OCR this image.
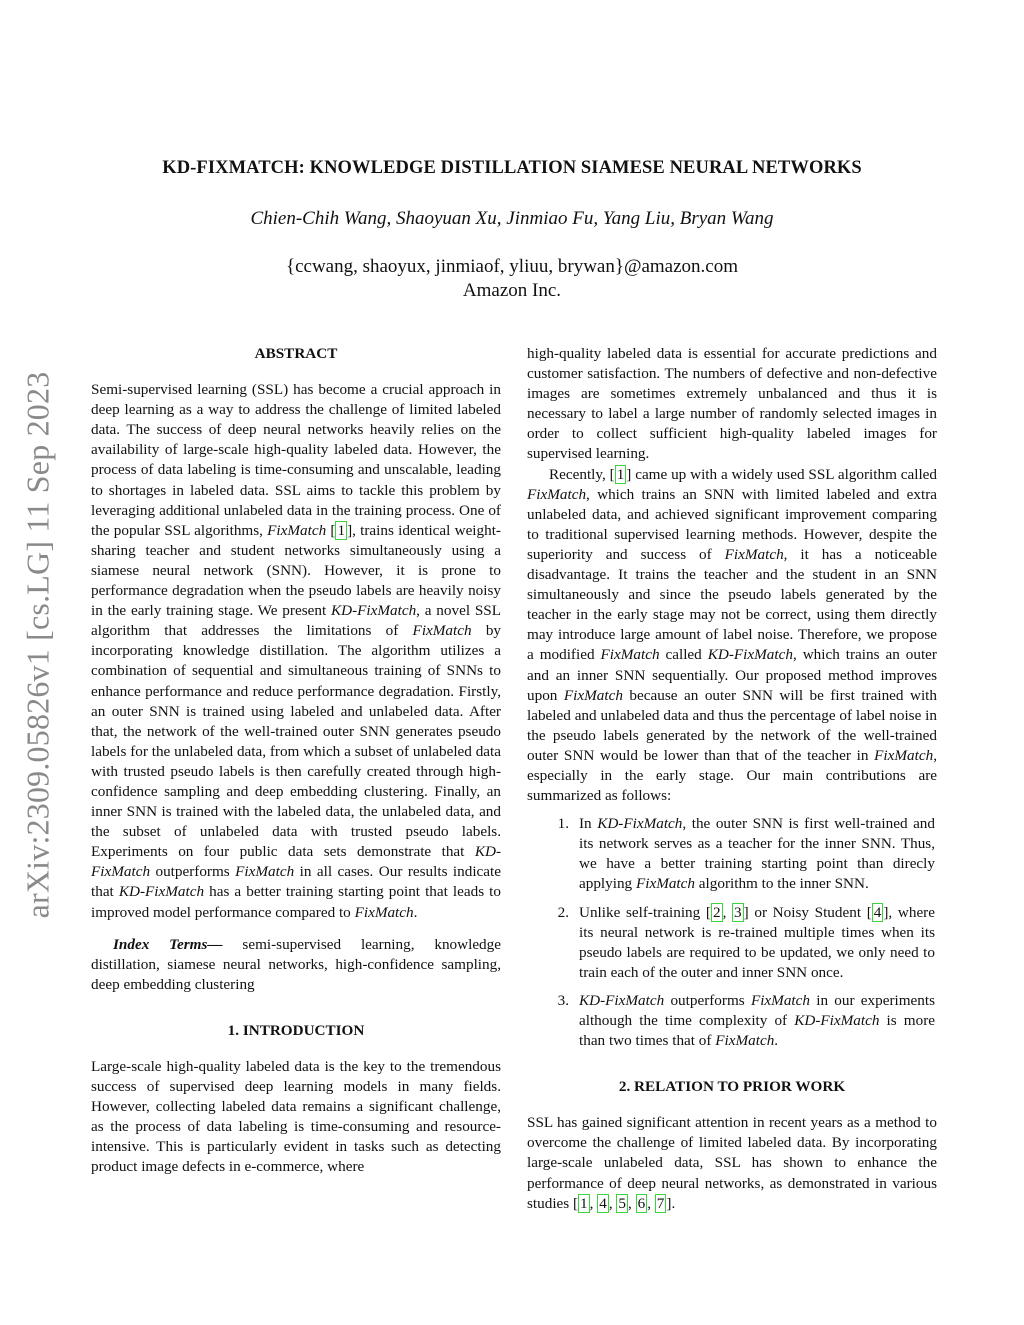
arXiv:2309.05826v1 [cs.LG] 11 Sep 2023
KD-FIXMATCH: KNOWLEDGE DISTILLATION SIAMESE NEURAL NETWORKS
Chien-Chih Wang, Shaoyuan Xu, Jinmiao Fu, Yang Liu, Bryan Wang
{ccwang, shaoyux, jinmiaof, yliuu, brywan}@amazon.com
Amazon Inc.
ABSTRACT

Semi-supervised learning (SSL) has become a crucial approach in deep learning as a way to address the challenge of limited labeled data. The success of deep neural networks heavily relies on the availability of large-scale high-quality labeled data. However, the process of data labeling is time-consuming and unscalable, leading to shortages in labeled data. SSL aims to tackle this problem by leveraging additional unlabeled data in the training process. One of the popular SSL algorithms, FixMatch [ 1 ], trains identical weight-sharing teacher and student networks simultaneously using a siamese neural network (SNN). However, it is prone to performance degradation when the pseudo labels are heavily noisy in the early training stage. We present KD-FixMatch, a novel SSL algorithm that addresses the limitations of FixMatch by incorporating knowledge distillation. The algorithm utilizes a combination of sequential and simultaneous training of SNNs to enhance performance and reduce performance degradation. Firstly, an outer SNN is trained using labeled and unlabeled data. After that, the network of the well-trained outer SNN generates pseudo labels for the unlabeled data, from which a subset of unlabeled data with trusted pseudo labels is then carefully created through high-confidence sampling and deep embedding clustering. Finally, an inner SNN is trained with the labeled data, the unlabeled data, and the subset of unlabeled data with trusted pseudo labels. Experiments on four public data sets demonstrate that KD-FixMatch outperforms FixMatch in all cases. Our results indicate that KD-FixMatch has a better training starting point that leads to improved model performance compared to FixMatch.

Index Terms— semi-supervised learning, knowledge distillation, siamese neural networks, high-confidence sampling, deep embedding clustering

1. INTRODUCTION

Large-scale high-quality labeled data is the key to the tremendous success of supervised deep learning models in many fields. However, collecting labeled data remains a significant challenge, as the process of data labeling is time-consuming and resource-intensive. This is particularly evident in tasks such as detecting product image defects in e-commerce, where

high-quality labeled data is essential for accurate predictions and customer satisfaction. The numbers of defective and non-defective images are sometimes extremely unbalanced and thus it is necessary to label a large number of randomly selected images in order to collect sufficient high-quality labeled images for supervised learning.

Recently, [ 1 ] came up with a widely used SSL algorithm called FixMatch, which trains an SNN with limited labeled and extra unlabeled data, and achieved significant improvement comparing to traditional supervised learning methods. However, despite the superiority and success of FixMatch, it has a noticeable disadvantage. It trains the teacher and the student in an SNN simultaneously and since the pseudo labels generated by the teacher in the early stage may not be correct, using them directly may introduce large amount of label noise. Therefore, we propose a modified FixMatch called KD-FixMatch, which trains an outer and an inner SNN sequentially. Our proposed method improves upon FixMatch because an outer SNN will be first trained with labeled and unlabeled data and thus the percentage of label noise in the pseudo labels generated by the network of the well-trained outer SNN would be lower than that of the teacher in FixMatch, especially in the early stage. Our main contributions are summarized as follows:

1. In KD-FixMatch, the outer SNN is first well-trained and its network serves as a teacher for the inner SNN. Thus, we have a better training starting point than direcly applying FixMatch algorithm to the inner SNN.
2. Unlike self-training [ 2 , 3 ] or Noisy Student [ 4 ], where its neural network is re-trained multiple times when its pseudo labels are required to be updated, we only need to train each of the outer and inner SNN once.
3. KD-FixMatch outperforms FixMatch in our experiments although the time complexity of KD-FixMatch is more than two times that of FixMatch.
2. RELATION TO PRIOR WORK

SSL has gained significant attention in recent years as a method to overcome the challenge of limited labeled data. By incorporating large-scale unlabeled data, SSL has shown to enhance the performance of deep neural networks, as demonstrated in various studies [ 1 , 4 , 5 , 6 , 7 ].
